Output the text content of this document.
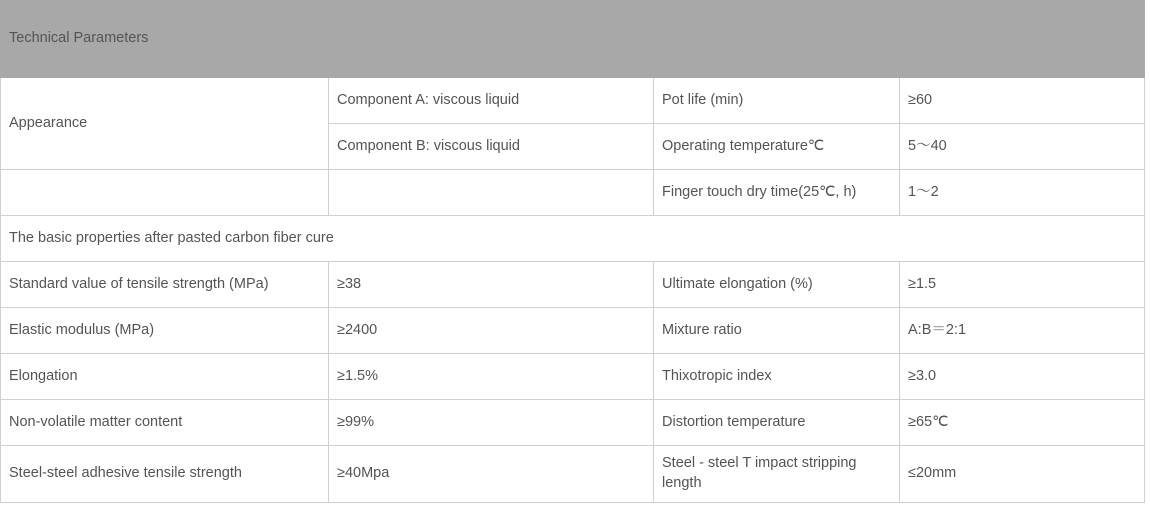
Technical Parameters			
Appearance	Component A: viscous liquid	Pot life (min)	≥60
	Component B: viscous liquid	Operating temperature℃	5～40
		Finger touch dry time(25℃, h)	1～2
The basic properties after pasted carbon fiber cure			
Standard value of tensile strength (MPa)	≥38	Ultimate elongation (%)	≥1.5
Elastic modulus (MPa)	≥2400	Mixture ratio	A:B＝2:1
Elongation	≥1.5%	Thixotropic index	≥3.0
Non-volatile matter content	≥99%	Distortion temperature	≥65℃
Steel-steel adhesive tensile strength	≥40Mpa	Steel - steel T impact stripping length	≤20mm
